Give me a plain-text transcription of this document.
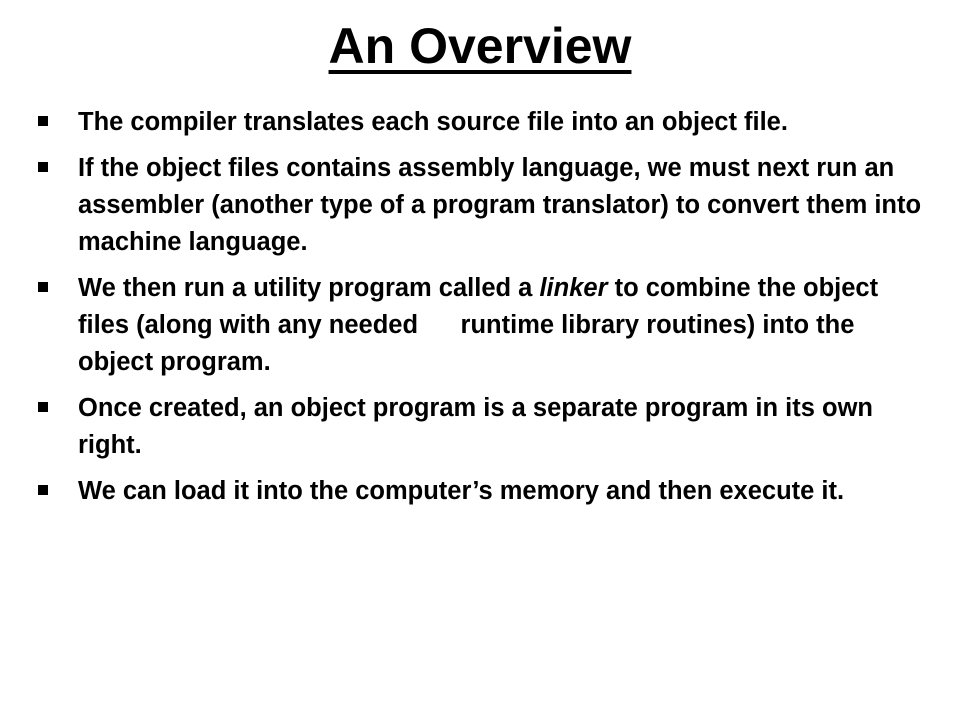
An Overview
The compiler translates each source file into an object file.
If the object files contains assembly language, we must next run an assembler (another type of a program translator) to convert them into machine language.
We then run a utility program called a linker to combine the object files (along with any needed      runtime library routines) into the object program.
Once created, an object program is a separate program in its own right.
We can load it into the computer’s memory and then execute it.
